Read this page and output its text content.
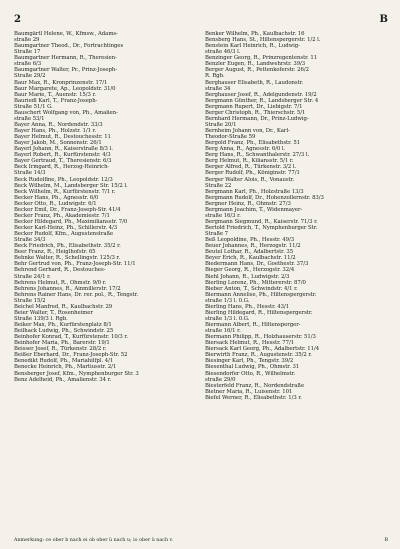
2	B
Baumgärtl Helene, W., Kfmsw., Adams-
straße 29
Baumgartner Theod., Dr., Fortrachtinges
Straße 17
Baumgartner Hermann, R., Theresien-
straße 6/3
Baumgartner Walter, Pr., Prinz-Joseph-
Straße 29/2
Baur Max, R., Kronprinzenstr. 17/1
Baur Margarete, Ap., Leopoldstr. 31/0
Baur Marie, T., Auenstr. 15/3 r.
Bauriedl Karl, T., Franz-Joseph-
Straße 51/1 G.
Bauschert Wolfgang von, Ph., Amalien-
straße 53/1
Bayer Anna, R., Nordendstr. 33/3
Bayer Hans, Ph., Holzstr. 1/1 r.
Bayer Helmut, R., Destouchesstr. 11
Bayer Jakob, M., Sonnenstr. 26/1
Bayerl Johann, R., Kaiserstraße 8/3 l.
Bayerl Robert, R., Kurfürstenstr. 4/3
Bayer Gertraud, T., Theresienstr. 6/3
Beck Irmgard, R., Herzog-Heinrich-
Straße 14/3
Beck Rudolfine, Ph., Leopoldstr. 12/3
Beck Wilhelm, M., Landsberger Str. 15/2 l.
Beck Wilhelm, R., Kurfürstenstr. 7/1 r.
Becker Hans, Ph., Agnesstr. 6/0
Becker Otto, R., Ludwigstr. 6/1
Becker Emil, Dr., Franz-Joseph-Str. 41/4
Becker Franz, Ph., Akademiestr. 7/1
Becker Hildegard, Ph., Maximiliansstr. 7/0
Becker Karl-Heinz, Ph., Schillerstr. 4/3
Becker Rudolf, Kfm., Augustenstraße
Straße 34/3
Beck Friedrich, Ph., Elisabethstr. 35/2 r.
Beer Franz, R., Heiglhofstr. 65
Behnke Walter, R., Schellingstr. 125/3 r.
Behr Gertrud von, Ph., Franz-Joseph-Str. 11/1
Behrend Gerhard, R., Destouches-
Straße 24/1 r.
Behrens Helmut, R., Ohmstr. 9/0 r.
Behrens Johannes, R., Ainmillerstr. 17/2
Behrens Rainer Hans, Dr. rer. pol., R., Tengstr.
Straße 15/2
Beichel Manfred, R., Kaulbachstr. 29
Beier Walter, T., Rosenheimer
Straße 139/3 l. Rgb.
Beiker Max, Ph., Kurfürstenplatz 8/1
Beilhack Ludwig, Ph., Schwindstr. 25
Beinhofer Konrad, T., Kurfürstenstr. 10/3 r.
Beinhofer Maria, Ph., Barerstr. 19/1
Beisser Josef, R., Türkenstr. 28/2 r.
Beißer Eberhard, Dr., Franz-Joseph-Str. 52
Benedikt Rudolf, Ph., Mariahilfpl. 4/1
Benecke Heinrich, Ph., Martiusstr. 2/1
Bensberger Josef, Kfm., Nymphenburger Str. 3
Benz Adelheid, Ph., Amalienstr. 34 r.
Benker Wilhelm, Ph., Kaulbachstr. 16
Bensberg Hans, St., Hiltenspergerstr. 1/2 l.
Benstein Karl Heinrich, R., Ludwig-
straße 46/3 l.
Benzinger Georg, R., Prinzregentenstr. 11
Benzler Eugen, R., Landwehrstr. 39/3
Berger August, R., Pettenkoferstr. 26/2
R. Rgb.
Berghauser Elisabeth, R., Laudonstr.
straße 34
Berghauser Josef, R., Adelgundenstr. 19/2
Bergmann Günther, R., Landsberger Str. 4
Bergmann Rupert, Dr., Liebigstr. 7/1
Berger Christoph, R., Thierschstr. 5/1
Bernhard Hermann, Dr., Prinz-Ludwig-
Straße 20/1
Bernheim Johann von, Dr., Karl-
Theodor-Straße 59
Bergold Franz, Ph., Elisabethstr. 51
Berg Anna, R., Agnesstr. 6/0 l.
Berg Hans, R., Schwanthalerstr. 27/3 l.
Berg Helmut, R., Kiliansstr. 5/1 r.
Berger Alfred, R., Türkenstr. 3/2 l.
Berger Rudolf, Ph., Königinstr. 77/1
Berger Walter Alois, R., Vonaustr.
Straße 22
Bergmann Karl, Ph., Holzstraße 13/3
Bergmann Rudolf, Dr., Hohenzollernstr. 83/3
Bergner Heinz, R., Ohmstr. 27/3
Bergmann Joachim, T., Widenmayer-
straße 16/3 r.
Bergmann Siegmund, R., Kaiserstr. 71/3 r.
Bertold Friedrich, T., Nymphenburger Str.
Straße 7
Beß Leopoldine, Ph., Hesstr. 49/3
Beuer Johannes, R., Herzogstr. 11/2
Beutel Lothar, R., Adalbertstr. 35
Beyer Erich, R., Kaulbachstr. 11/2
Biedermann Hans, Dr., Goethestr. 37/3
Bieger Georg, R., Herzogstr. 32/4
Biehl Johann, R., Ludwigstr. 2/3
Bierling Lorenz, Ph., Mittererstr. 87/0
Bieber Anton, T., Schwindstr. 4/1 r.
Biermann Annelise, Ph., Hiltenspergerstr.
straße 1/3 l. 0.G.
Bierling Hans, Ph., Hesstr. 43/1
Bierling Hildegard, R., Hiltenspergerstr.
straße 1/3 l. 0.G.
Biermann Albert, R., Hiltensperger-
straße 16/1 r.
Biermann Philipp, R., Holzhauserstr. 51/3
Biersack Helmut, R., Hesstr. 77/1
Biersack Karl Georg, Ph., Adalbertstr. 11/4
Bierwirth Franz, R., Augustenstr. 35/2 r.
Biesinger Karl, Ph., Tengstr. 39/2
Biesenthal Ludwig, Ph., Ohmstr. 31
Biesendorfer Otto, R., Wilhelmstr.
straße 29/0
Biesterfeld Franz, R., Nordendstraße
Bietner Maria, R., Luisenstr. 101
Biefel Werner, R., Elisabethstr. 1/3 r.
Anmerkung: ce ober b nach ei ob ober ü nach u; io ober ü nach v.	B
